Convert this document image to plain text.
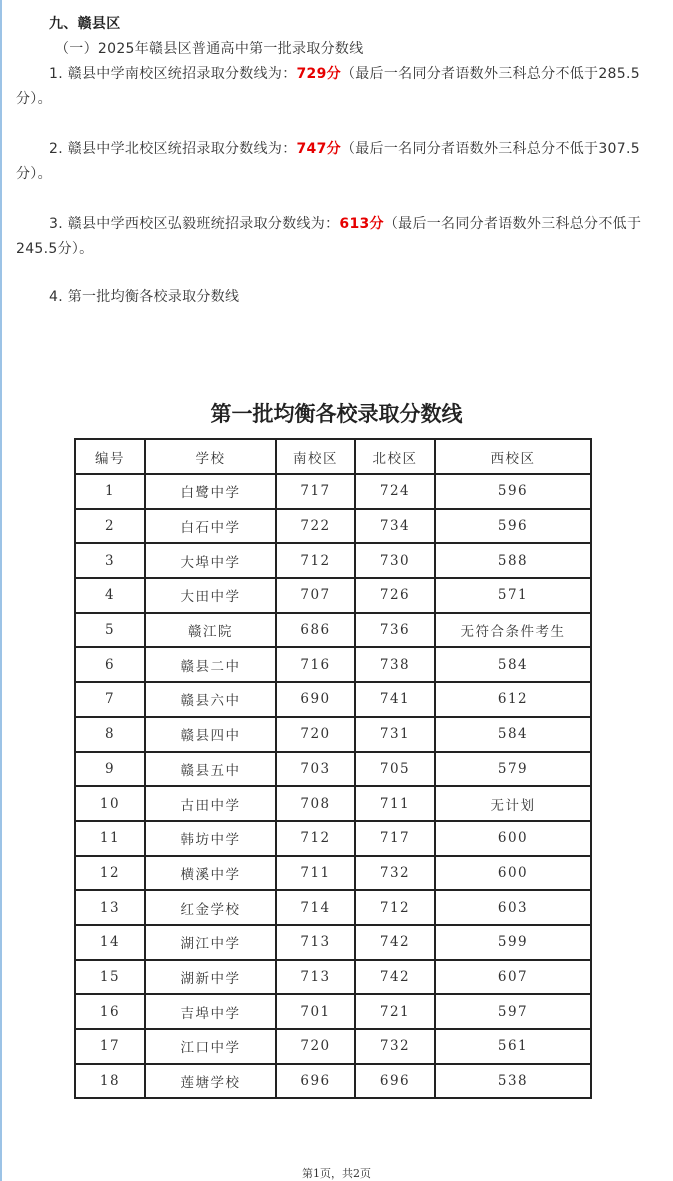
九、赣县区
（一）2025年赣县区普通高中第一批录取分数线
1. 赣县中学南校区统招录取分数线为：729分（最后一名同分者语数外三科总分不低于285.5分）。
2. 赣县中学北校区统招录取分数线为：747分（最后一名同分者语数外三科总分不低于307.5分）。
3. 赣县中学西校区弘毅班统招录取分数线为：613分（最后一名同分者语数外三科总分不低于245.5分）。
4. 第一批均衡各校录取分数线
第一批均衡各校录取分数线
编号	学校	南校区	北校区	西校区
1	白鹭中学	717	724	596
2	白石中学	722	734	596
3	大埠中学	712	730	588
4	大田中学	707	726	571
5	赣江院	686	736	无符合条件考生
6	赣县二中	716	738	584
7	赣县六中	690	741	612
8	赣县四中	720	731	584
9	赣县五中	703	705	579
10	古田中学	708	711	无计划
11	韩坊中学	712	717	600
12	横溪中学	711	732	600
13	红金学校	714	712	603
14	湖江中学	713	742	599
15	湖新中学	713	742	607
16	吉埠中学	701	721	597
17	江口中学	720	732	561
18	莲塘学校	696	696	538
第1页，共2页
